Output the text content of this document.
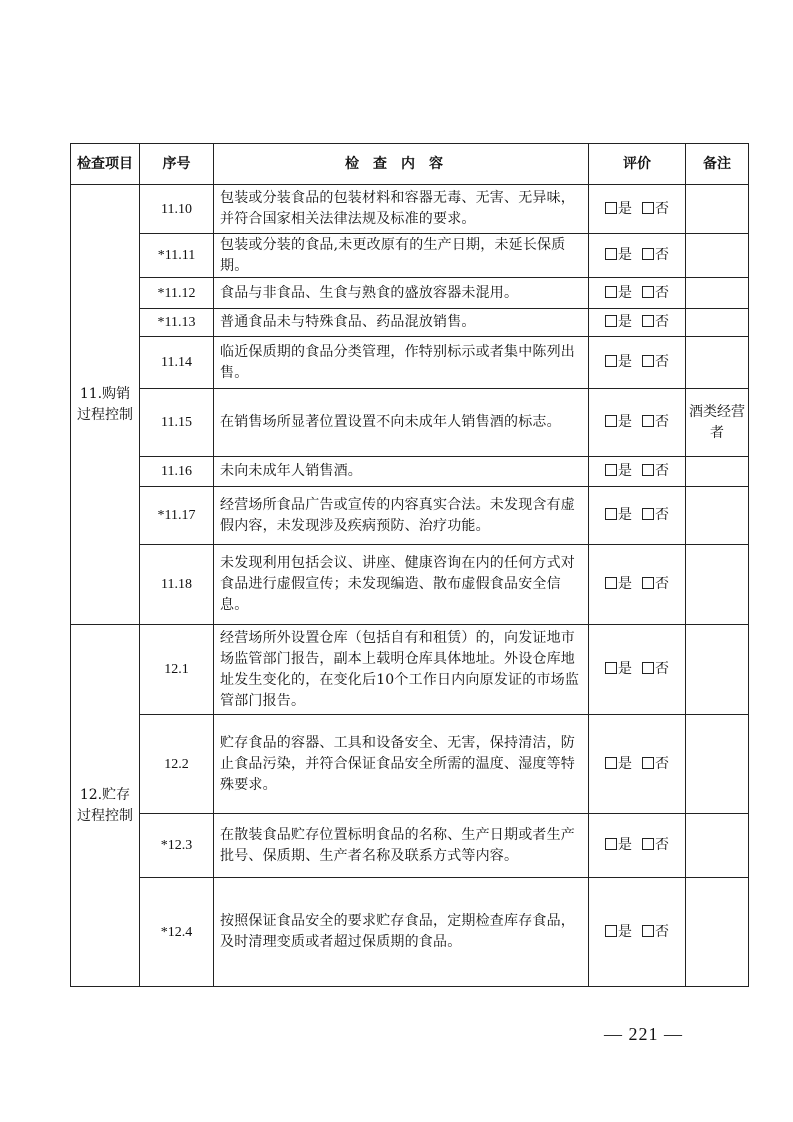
检查项目	序号	检查内容	评价	备注
11.购销过程控制	11.10	包装或分装食品的包装材料和容器无毒、无害、无异味，并符合国家相关法律法规及标准的要求。	是 否	
	*11.11	包装或分装的食品,未更改原有的生产日期，未延长保质期。	是 否	
	*11.12	食品与非食品、生食与熟食的盛放容器未混用。	是 否	
	*11.13	普通食品未与特殊食品、药品混放销售。	是 否	
	11.14	临近保质期的食品分类管理，作特别标示或者集中陈列出售。	是 否	
	11.15	在销售场所显著位置设置不向未成年人销售酒的标志。	是 否	酒类经营者
	11.16	未向未成年人销售酒。	是 否	
	*11.17	经营场所食品广告或宣传的内容真实合法。未发现含有虚假内容，未发现涉及疾病预防、治疗功能。	是 否	
	11.18	未发现利用包括会议、讲座、健康咨询在内的任何方式对食品进行虚假宣传；未发现编造、散布虚假食品安全信息。	是 否	
12.贮存过程控制	12.1	经营场所外设置仓库（包括自有和租赁）的，向发证地市场监管部门报告，副本上载明仓库具体地址。外设仓库地址发生变化的，在变化后10个工作日内向原发证的市场监管部门报告。	是 否	
	12.2	贮存食品的容器、工具和设备安全、无害，保持清洁，防止食品污染，并符合保证食品安全所需的温度、湿度等特殊要求。	是 否	
	*12.3	在散装食品贮存位置标明食品的名称、生产日期或者生产批号、保质期、生产者名称及联系方式等内容。	是 否	
	*12.4	按照保证食品安全的要求贮存食品，定期检查库存食品，及时清理变质或者超过保质期的食品。	是 否	
— 221 —
